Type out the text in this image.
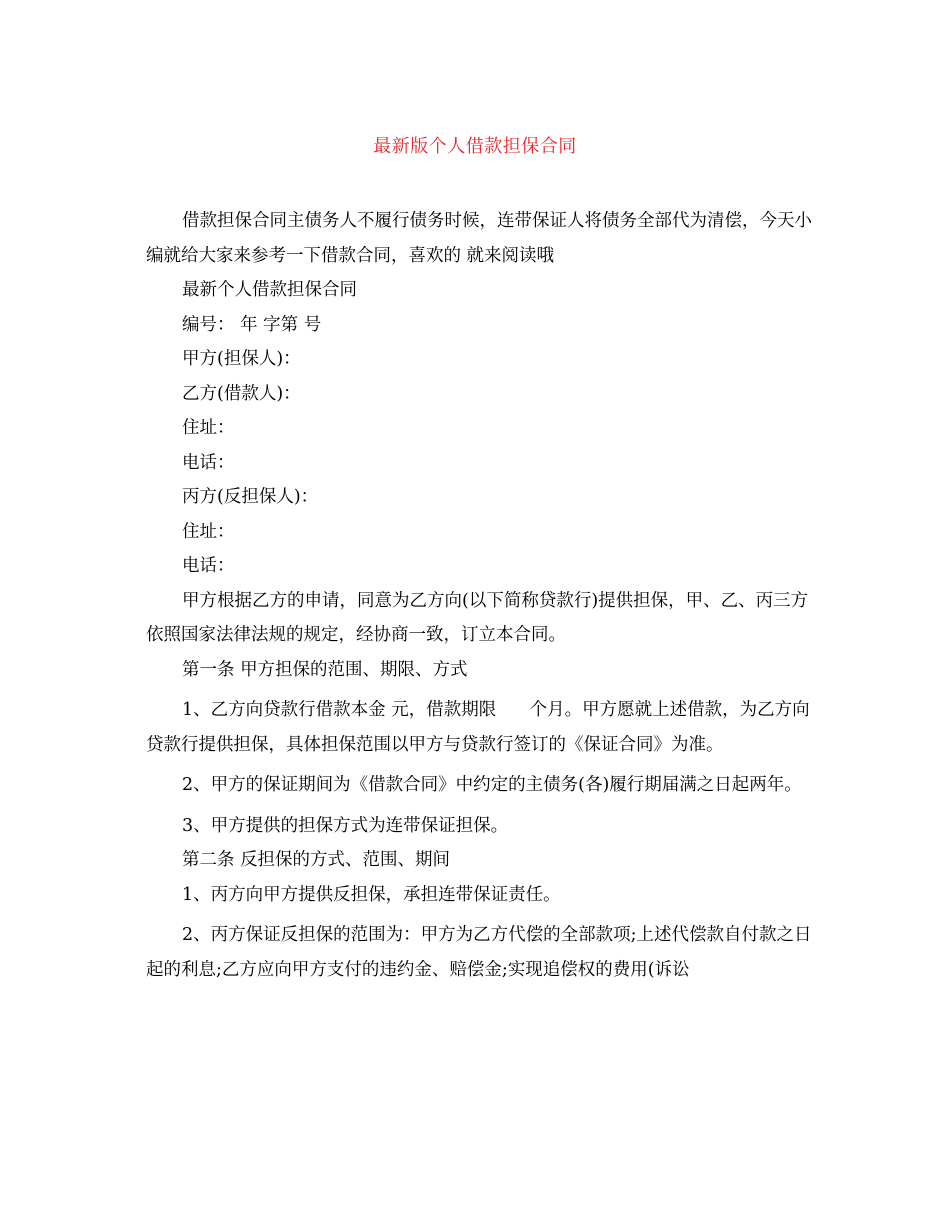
最新版个人借款担保合同

借款担保合同主债务人不履行债务时候，连带保证人将债务全部代为清偿，今天小编就给大家来参考一下借款合同，喜欢的 就来阅读哦

最新个人借款担保合同

编号： 年 字第 号

甲方(担保人)：

乙方(借款人)：

住址：

电话：

丙方(反担保人)：

住址：

电话：

甲方根据乙方的申请，同意为乙方向(以下简称贷款行)提供担保，甲、乙、丙三方依照国家法律法规的规定，经协商一致，订立本合同。

第一条 甲方担保的范围、期限、方式

1、乙方向贷款行借款本金 元，借款期限      个月。甲方愿就上述借款，为乙方向贷款行提供担保，具体担保范围以甲方与贷款行签订的《保证合同》为准。

2、甲方的保证期间为《借款合同》中约定的主债务(各)履行期届满之日起两年。

3、甲方提供的担保方式为连带保证担保。

第二条 反担保的方式、范围、期间

1、丙方向甲方提供反担保，承担连带保证责任。

2、丙方保证反担保的范围为：甲方为乙方代偿的全部款项;上述代偿款自付款之日起的利息;乙方应向甲方支付的违约金、赔偿金;实现追偿权的费用(诉讼
